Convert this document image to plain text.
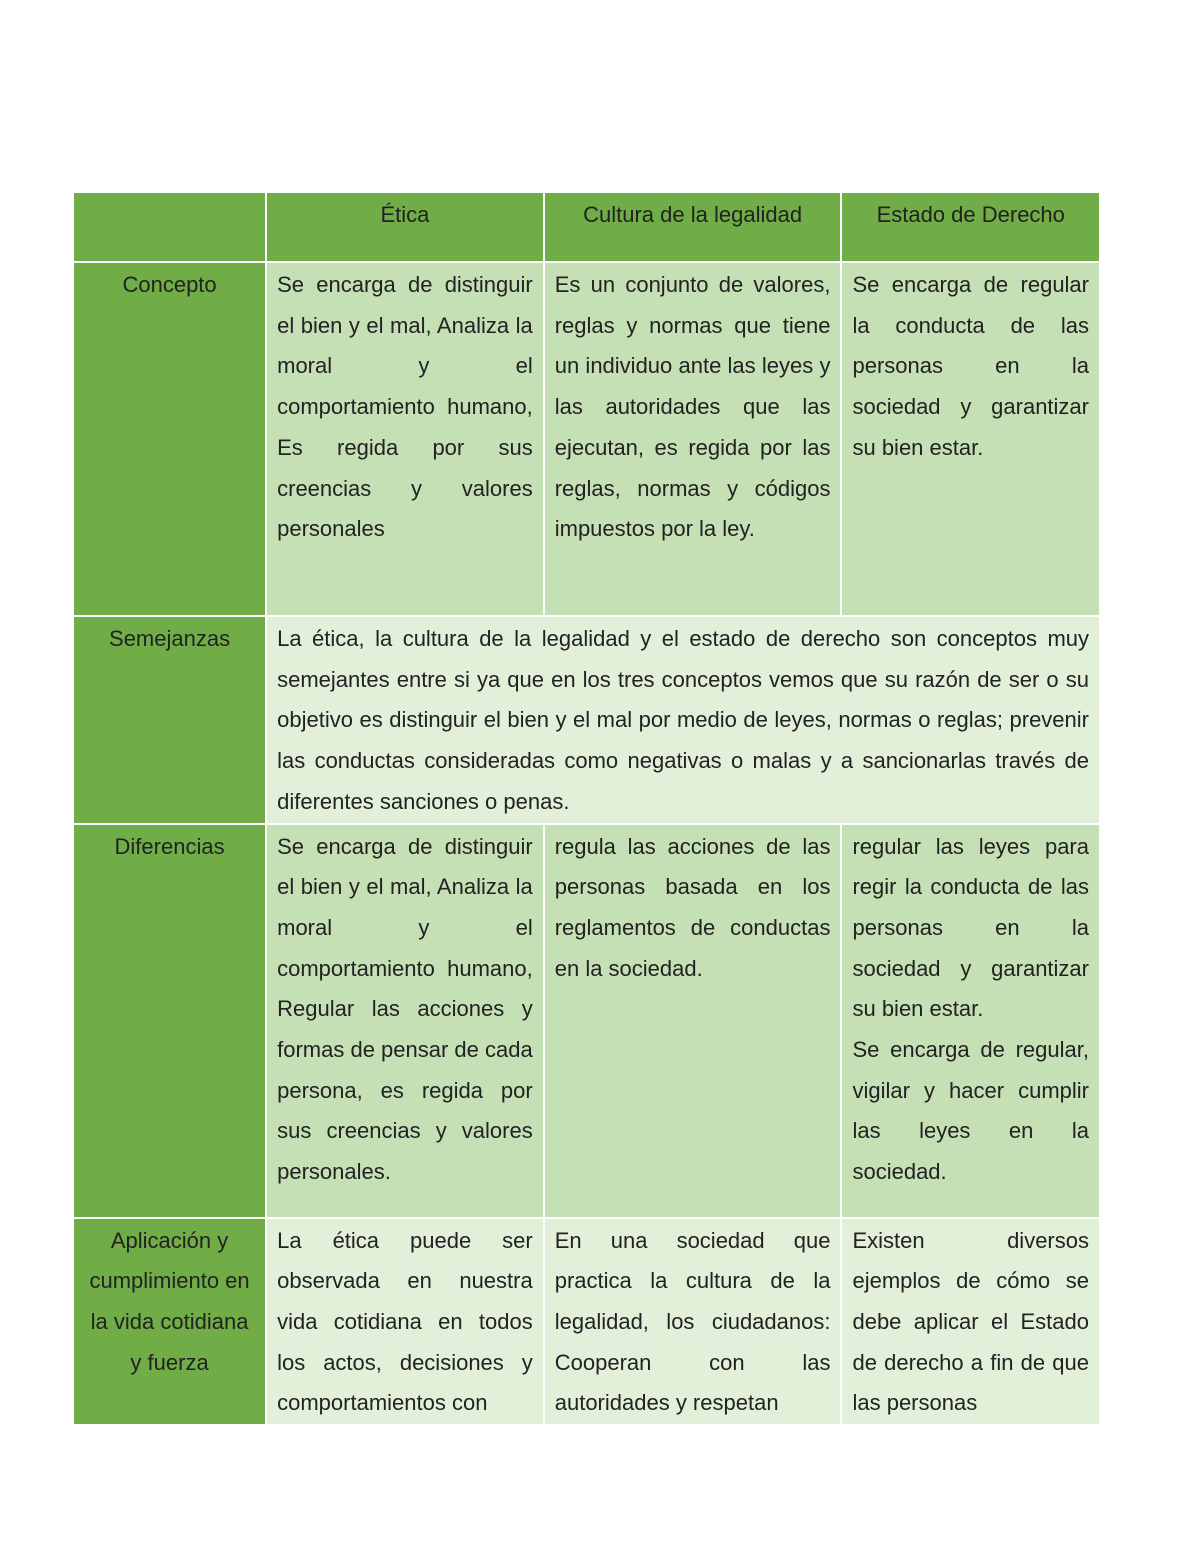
	Ética	Cultura de la legalidad	Estado de Derecho
Concepto	Se encarga de distinguir el bien y el mal, Analiza la moral y el comportamiento humano, Es regida por sus creencias y valores personales	Es un conjunto de valores, reglas y normas que tiene un individuo ante las leyes y las autoridades que las ejecutan, es regida por las reglas, normas y códigos impuestos por la ley.	Se encarga de regular la conducta de las personas en la sociedad y garantizar su bien estar.
Semejanzas	La ética, la cultura de la legalidad y el estado de derecho son conceptos muy semejantes entre si ya que en los tres conceptos vemos que su razón de ser o su objetivo es distinguir el bien y el mal por medio de leyes, normas o reglas; prevenir las conductas consideradas como negativas o malas y a sancionarlas través de diferentes sanciones o penas.		
Diferencias	Se encarga de distinguir el bien y el mal, Analiza la moral y el comportamiento humano, Regular las acciones y formas de pensar de cada persona, es regida por sus creencias y valores personales.	regula las acciones de las personas basada en los reglamentos de conductas en la sociedad.	regular las leyes para regir la conducta de las personas en la sociedad y garantizar su bien estar.
Se encarga de regular, vigilar y hacer cumplir las leyes en la sociedad.

Aplicación y cumplimiento en la vida cotidiana y fuerza	La ética puede ser observada en nuestra vida cotidiana en todos los actos, decisiones y comportamientos con	En una sociedad que practica la cultura de la legalidad, los ciudadanos: Cooperan con las autoridades y respetan	Existen diversos ejemplos de cómo se debe aplicar el Estado de derecho a fin de que las personas
